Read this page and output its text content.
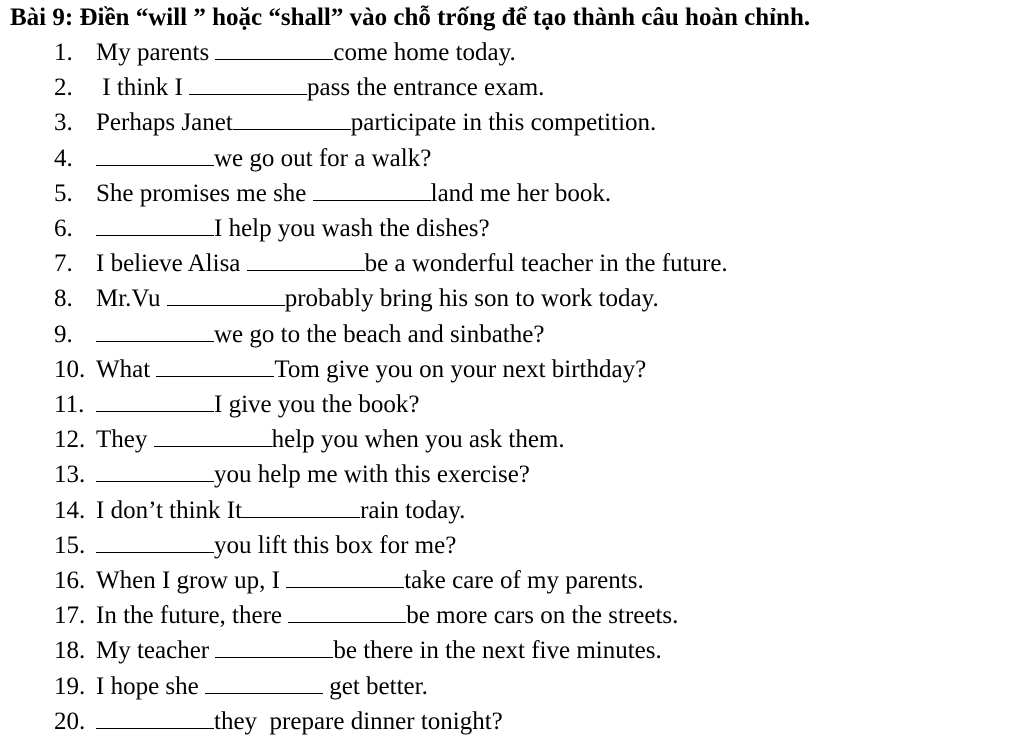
Bài 9: Điền “will ” hoặc “shall” vào chỗ trống để tạo thành câu hoàn chỉnh.
1. My parents	come home today.
2. I think I	pass the entrance exam.
3. Perhaps Janet	participate in this competition.
4.	we go out for a walk?
5. She promises me she	land me her book.
6.	I help you wash the dishes?
7. I believe Alisa	be a wonderful teacher in the future.
8. Mr.Vu	probably bring his son to work today.
9.	we go to the beach and sinbathe?
10. What	Tom give you on your next birthday?
11.	I give you the book?
12. They	help you when you ask them.
13.	you help me with this exercise?
14. I don’t think It	rain today.
15.	you lift this box for me?
16. When I grow up, I	take care of my parents.
17. In the future, there	be more cars on the streets.
18. My teacher	be there in the next five minutes.
19. I hope she	get better.
20.	they  prepare dinner tonight?
